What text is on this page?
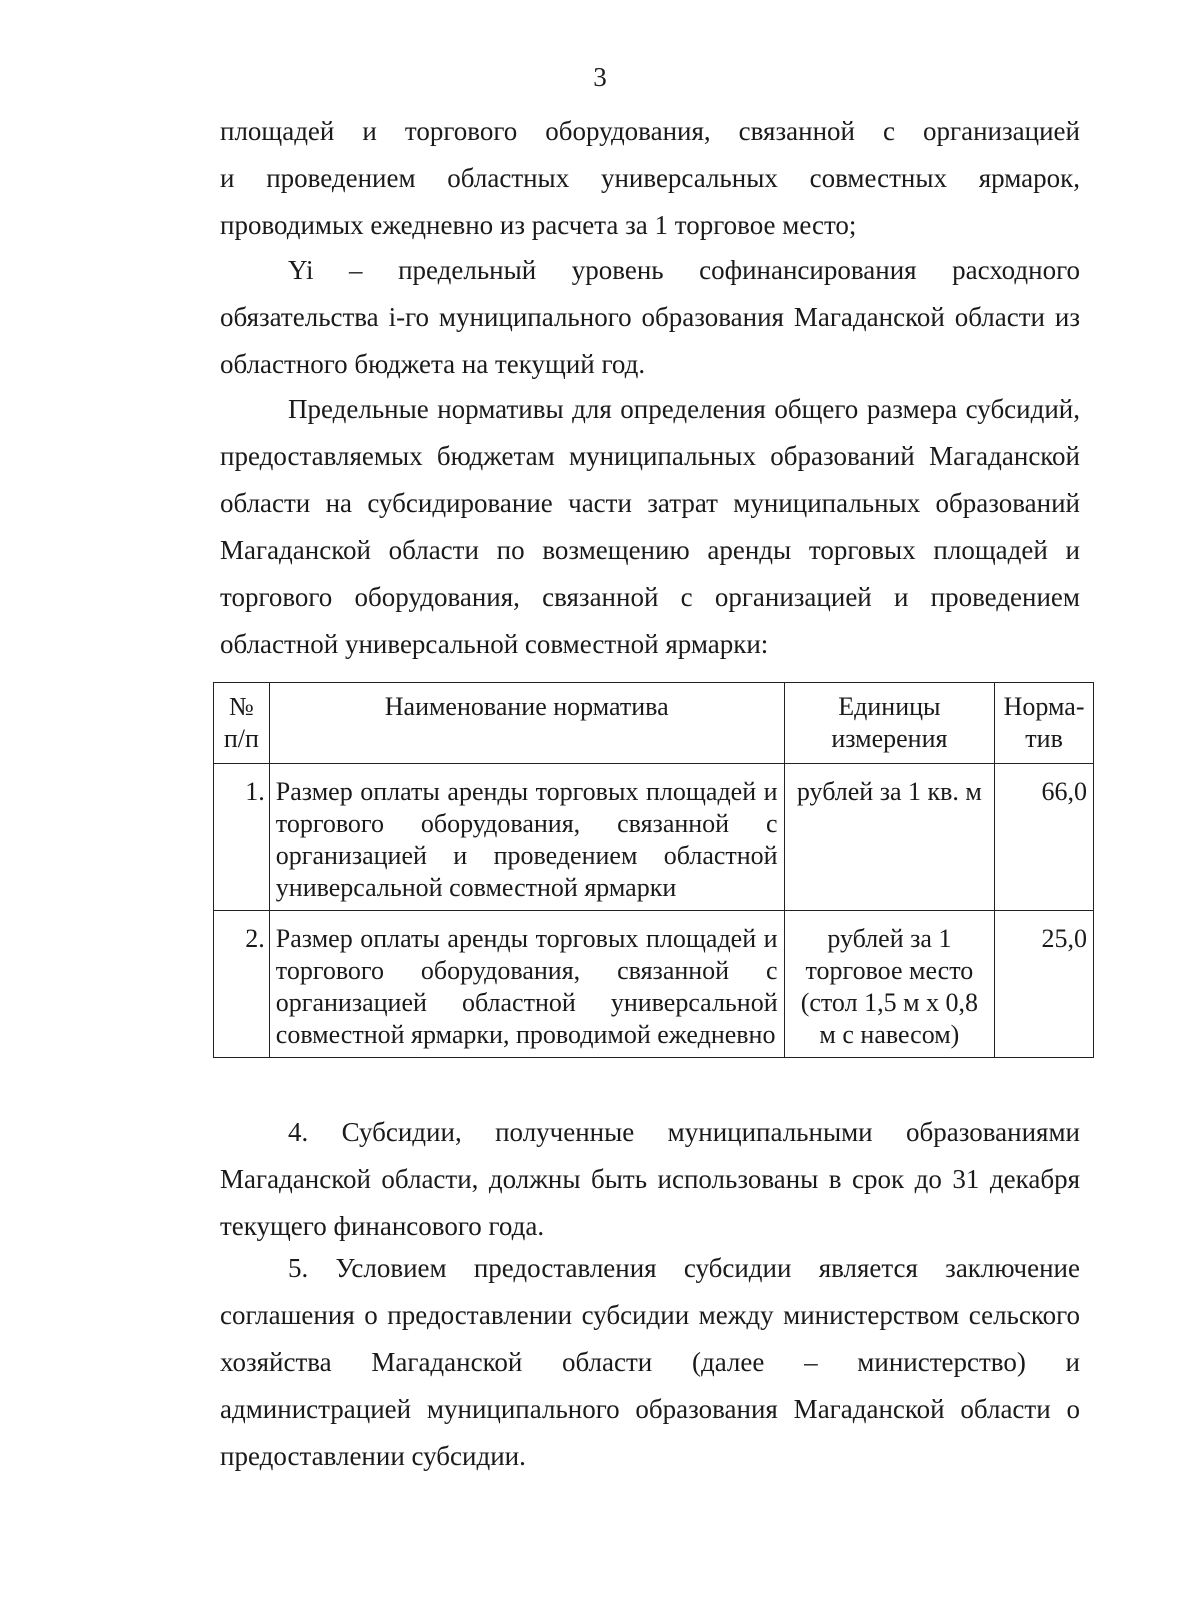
3

площадей и торгового оборудования, связанной с организацией
и проведением областных универсальных совместных ярмарок,
проводимых ежедневно из расчета за 1 торговое место;

Yi – предельный уровень софинансирования расходного обязательства i-го муниципального образования Магаданской области из областного бюджета на текущий год.

Предельные нормативы для определения общего размера субсидий, предоставляемых бюджетам муниципальных образований Магаданской области на субсидирование части затрат муниципальных образований Магаданской области по возмещению аренды торговых площадей и торгового оборудования, связанной с организацией и проведением областной универсальной совместной ярмарки:

№ п/п	Наименование норматива	Единицы измерения	Норма-тив
1.	Размер оплаты аренды торговых площадей и торгового оборудования, связанной с организацией и проведением областной универсальной совместной ярмарки	рублей за 1 кв. м	66,0
2.	Размер оплаты аренды торговых площадей и торгового оборудования, связанной с организацией областной универсальной совместной ярмарки, проводимой ежедневно	рублей за 1 торговое место (стол 1,5 м х 0,8 м с навесом)	25,0

4. Субсидии, полученные муниципальными образованиями Магаданской области, должны быть использованы в срок до 31 декабря текущего финансового года.

5. Условием предоставления субсидии является заключение соглашения о предоставлении субсидии между министерством сельского хозяйства Магаданской области (далее – министерство) и администрацией муниципального образования Магаданской области о предоставлении субсидии.
